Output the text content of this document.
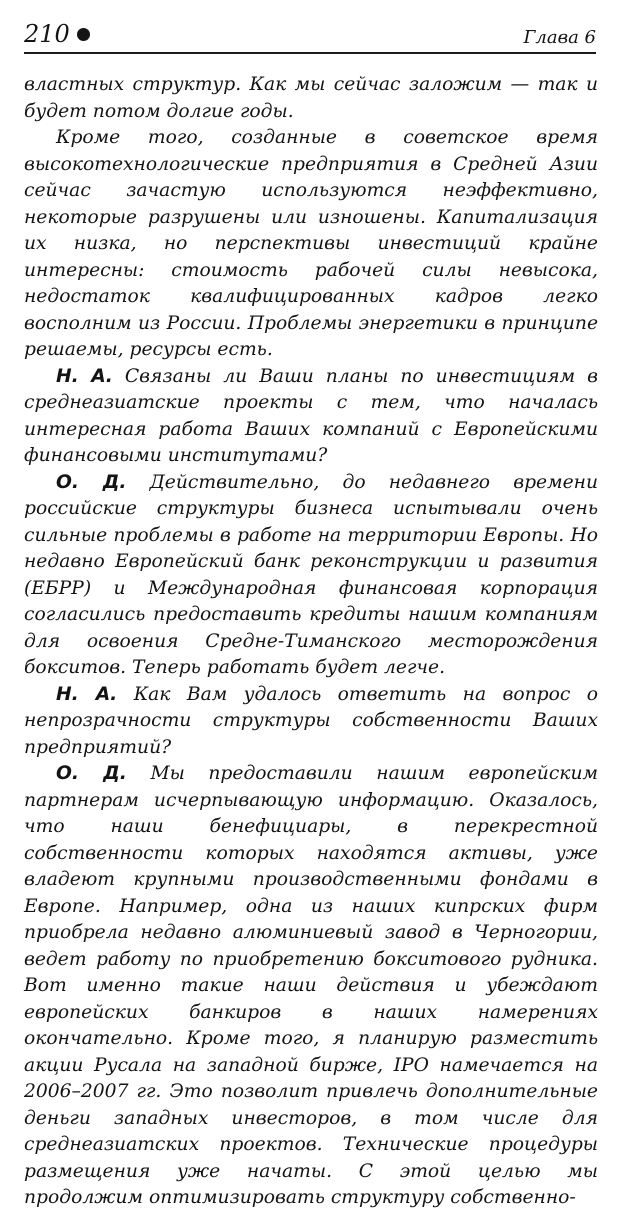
210	Глава 6

властных структур. Как мы сейчас заложим — так и будет потом долгие годы.

Кроме того, созданные в советское время высокотехнологические предприятия в Средней Азии сейчас зачастую используются неэффективно, некоторые разрушены или изношены. Капитализация их низка, но перспективы инвестиций крайне интересны: стоимость рабочей силы невысока, недостаток квалифицированных кадров легко восполним из России. Проблемы энергетики в принципе решаемы, ресурсы есть.

Н. А. Связаны ли Ваши планы по инвестициям в среднеазиатские проекты с тем, что началась интересная работа Ваших компаний с Европейскими финансовыми институтами?

О. Д. Действительно, до недавнего времени российские структуры бизнеса испытывали очень сильные проблемы в работе на территории Европы. Но недавно Европейский банк реконструкции и развития (ЕБРР) и Международная финансовая корпорация согласились предоставить кредиты нашим компаниям для освоения Средне-Тиманского месторождения бокситов. Теперь работать будет легче.

Н. А. Как Вам удалось ответить на вопрос о непрозрачности структуры собственности Ваших предприятий?

О. Д. Мы предоставили нашим европейским партнерам исчерпывающую информацию. Оказалось, что наши бенефициары, в перекрестной собственности которых находятся активы, уже владеют крупными производственными фондами в Европе. Например, одна из наших кипрских фирм приобрела недавно алюминиевый завод в Черногории, ведет работу по приобретению бокситового рудника. Вот именно такие наши действия и убеждают европейских банкиров в наших намерениях окончательно. Кроме того, я планирую разместить акции Русала на западной бирже, IPO намечается на 2006–2007 гг. Это позволит привлечь дополнительные деньги западных инвесторов, в том числе для среднеазиатских проектов. Технические процедуры размещения уже начаты. С этой целью мы продолжим оптимизировать структуру собственно-
